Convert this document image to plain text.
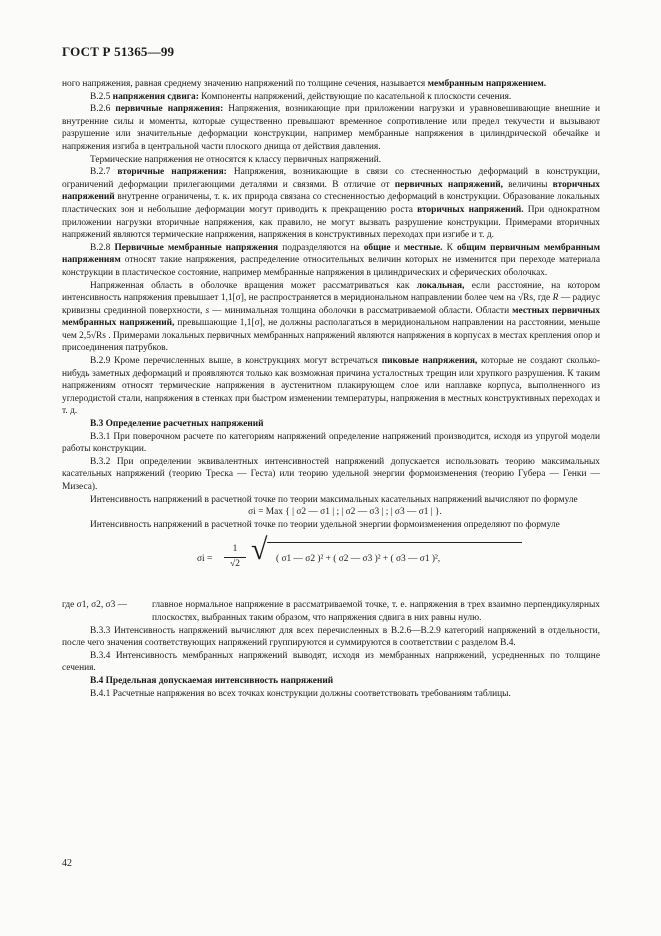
ГОСТ Р 51365—99

ного напряжения, равная среднему значению напряжений по толщине сечения, называется мембранным напряжением.

В.2.5 напряжения сдвига: Компоненты напряжений, действующие по касательной к плоскости сечения.

В.2.6 первичные напряжения: Напряжения, возникающие при приложении нагрузки и уравновешивающие внешние и внутренние силы и моменты, которые существенно превышают временное сопротивление или предел текучести и вызывают разрушение или значительные деформации конструкции, например мембранные напряжения в цилиндрической обечайке и напряжения изгиба в центральной части плоского днища от действия давления.

Термические напряжения не относятся к классу первичных напряжений.

В.2.7 вторичные напряжения: Напряжения, возникающие в связи со стесненностью деформаций в конструкции, ограничений деформации прилегающими деталями и связями. В отличие от первичных напряжений, величины вторичных напряжений внутренне ограничены, т. к. их природа связана со стесненностью деформаций в конструкции. Образование локальных пластических зон и небольшие деформации могут приводить к прекращению роста вторичных напряжений. При однократном приложении нагрузки вторичные напряжения, как правило, не могут вызвать разрушение конструкции. Примерами вторичных напряжений являются термические напряжения, напряжения в конструктивных переходах при изгибе и т. д.

В.2.8 Первичные мембранные напряжения подразделяются на общие и местные. К общим первичным мембранным напряжениям относят такие напряжения, распределение относительных величин которых не изменится при переходе материала конструкции в пластическое состояние, например мембранные напряжения в цилиндрических и сферических оболочках.

Напряженная область в оболочке вращения может рассматриваться как локальная, если расстояние, на котором интенсивность напряжения превышает 1,1[σ], не распространяется в меридиональном направлении более чем на √Rs, где R — радиус кривизны срединной поверхности, s — минимальная толщина оболочки в рассматриваемой области. Области местных первичных мембранных напряжений, превышающие 1,1[σ], не должны располагаться в меридиональном направлении на расстоянии, меньше чем 2,5√Rs . Примерами локальных первичных мембранных напряжений являются напряжения в корпусах в местах крепления опор и присоединения патрубков.

В.2.9 Кроме перечисленных выше, в конструкциях могут встречаться пиковые напряжения, которые не создают сколько-нибудь заметных деформаций и проявляются только как возможная причина усталостных трещин или хрупкого разрушения. К таким напряжениям относят термические напряжения в аустенитном плакирующем слое или наплавке корпуса, выполненного из углеродистой стали, напряжения в стенках при быстром изменении температуры, напряжения в местных конструктивных переходах и т. д.

В.3 Определение расчетных напряжений

В.3.1 При поверочном расчете по категориям напряжений определение напряжений производится, исходя из упругой модели работы конструкции.

В.3.2 При определении эквивалентных интенсивностей напряжений допускается использовать теорию максимальных касательных напряжений (теорию Треска — Геста) или теорию удельной энергии формоизменения (теорию Губера — Генки — Мизеса).

Интенсивность напряжений в расчетной точке по теории максимальных касательных напряжений вычисляют по формуле

σi = Max { | σ2 — σ1 | ; | σ2 — σ3 | ; | σ3 — σ1 | }.

Интенсивность напряжений в расчетной точке по теории удельной энергии формоизменения определяют по формуле

$\sigma i = \frac{1}{√2}$ √ ( σ1 — σ2 )² + ( σ2 — σ3 )² + ( σ3 — σ1 )²,
где σ1, σ2, σ3 —	главное нормальное напряжение в рассматриваемой точке, т. е. напряжения в трех взаимно перпендикулярных плоскостях, выбранных таким образом, что напряжения сдвига в них равны нулю.

В.3.3 Интенсивность напряжений вычисляют для всех перечисленных в В.2.6—В.2.9 категорий напряжений в отдельности, после чего значения соответствующих напряжений группируются и суммируются в соответствии с разделом В.4.

В.3.4 Интенсивность мембранных напряжений выводят, исходя из мембранных напряжений, усредненных по толщине сечения.

В.4 Предельная допускаемая интенсивность напряжений

В.4.1 Расчетные напряжения во всех точках конструкции должны соответствовать требованиям таблицы.

42
